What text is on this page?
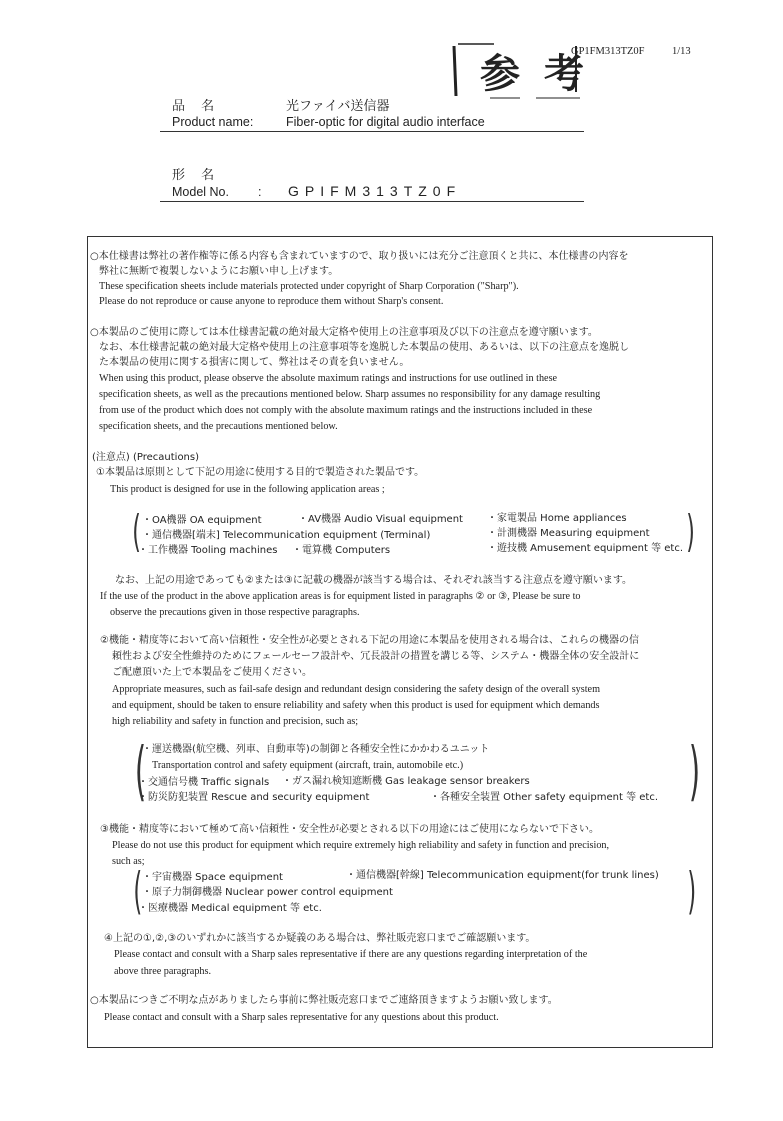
GP1FM313TZ0F	1/13
参考
品 名	光ファイバ送信器
Product name:	Fiber-optic for digital audio interface
形 名
Model No. : GPIFM313TZ0F
○本仕様書は弊社の著作権等に係る内容も含まれていますので、取り扱いには充分ご注意頂くと共に、本仕様書の内容を
弊社に無断で複製しないようにお願い申し上げます。
These specification sheets include materials protected under copyright of Sharp Corporation ("Sharp").
Please do not reproduce or cause anyone to reproduce them without Sharp's consent.
○本製品のご使用に際しては本仕様書記載の絶対最大定格や使用上の注意事項及び以下の注意点を遵守願います。
なお、本仕様書記載の絶対最大定格や使用上の注意事項等を逸脱した本製品の使用、あるいは、以下の注意点を逸脱し
た本製品の使用に関する損害に関して、弊社はその責を負いません。
When using this product, please observe the absolute maximum ratings and instructions for use outlined in these
specification sheets, as well as the precautions mentioned below. Sharp assumes no responsibility for any damage resulting
from use of the product which does not comply with the absolute maximum ratings and the instructions included in these
specification sheets, and the precautions mentioned below.
(注意点) (Precautions)
①本製品は原則として下記の用途に使用する目的で製造された製品です。
This product is designed for use in the following application areas ;
(	)
・OA機器 OA equipment	・AV機器 Audio Visual equipment ・家電製品 Home appliances
・通信機器[端末] Telecommunication equipment (Terminal)	・計測機器 Measuring equipment
・工作機器 Tooling machines ・電算機 Computers	・遊技機 Amusement equipment 等 etc.
なお、上記の用途であっても②または③に記載の機器が該当する場合は、それぞれ該当する注意点を遵守願います。
If the use of the product in the above application areas is for equipment listed in paragraphs ② or ③, Please be sure to
observe the precautions given in those respective paragraphs.
②機能・精度等において高い信頼性・安全性が必要とされる下記の用途に本製品を使用される場合は、これらの機器の信
頼性および安全性維持のためにフェールセーフ設計や、冗長設計の措置を講じる等、システム・機器全体の安全設計に
ご配慮頂いた上で本製品をご使用ください。
Appropriate measures, such as fail-safe design and redundant design considering the safety design of the overall system
and equipment, should be taken to ensure reliability and safety when this product is used for equipment which demands
high reliability and safety in function and precision, such as;
(	)
・運送機器(航空機、列車、自動車等)の制御と各種安全性にかかわるユニット
Transportation control and safety equipment (aircraft, train, automobile etc.)
・交通信号機 Traffic signals ・ガス漏れ検知遮断機 Gas leakage sensor breakers
・防災防犯装置 Rescue and security equipment	・各種安全装置 Other safety equipment 等 etc.
③機能・精度等において極めて高い信頼性・安全性が必要とされる以下の用途にはご使用にならないで下さい。
Please do not use this product for equipment which require extremely high reliability and safety in function and precision,
such as;
(	)
・宇宙機器 Space equipment	・通信機器[幹線] Telecommunication equipment(for trunk lines)
・原子力制御機器 Nuclear power control equipment
・医療機器 Medical equipment 等 etc.
④上記の①,②,③のいずれかに該当するか疑義のある場合は、弊社販売窓口までご確認願います。
Please contact and consult with a Sharp sales representative if there are any questions regarding interpretation of the
above three paragraphs.
○本製品につきご不明な点がありましたら事前に弊社販売窓口までご連絡頂きますようお願い致します。
Please contact and consult with a Sharp sales representative for any questions about this product.
